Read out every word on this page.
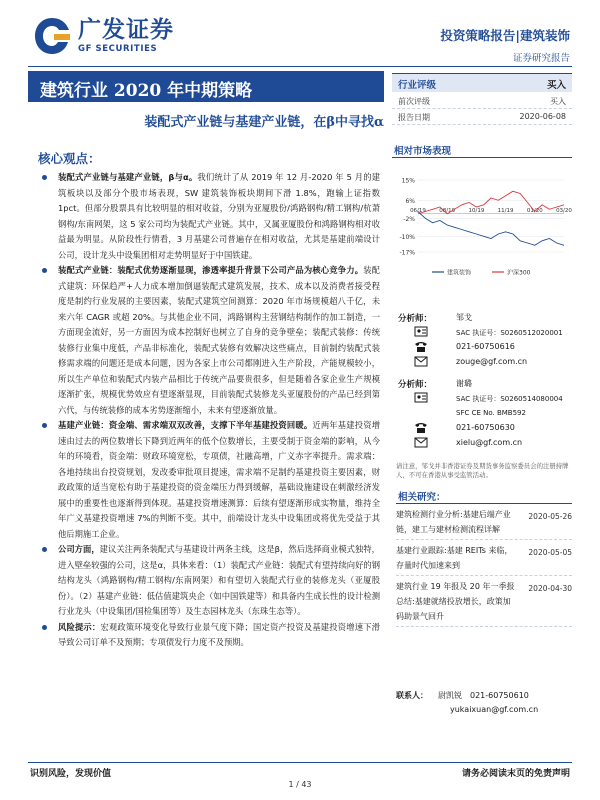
广发证券
GF SECURITIES
投资策略报告|建筑装饰
证券研究报告
建筑行业 2020 年中期策略
装配式产业链与基建产业链，在β中寻找α
核心观点：
装配式产业链与基建产业链，β与α。我们统计了从 2019 年 12 月-2020 年 5 月的建筑板块以及部分个股市场表现，SW 建筑装饰板块期间下滑 1.8%，跑输上证指数 1pct。但部分股票具有比较明显的相对收益，分别为亚厦股份/鸿路钢构/精工钢构/杭萧钢构/东南网架，这 5 家公司均为装配式产业链。其中，又属亚厦股份和鸿路钢构相对收益最为明显。从阶段性行情看，3 月基建公司普遍存在相对收益，尤其是基建前端设计公司，设计龙头中设集团相对走势明显好于中国铁建。
装配式产业链：装配式优势逐渐显现，渗透率提升背景下公司产品为核心竞争力。装配式建筑：环保趋严+人力成本增加倒逼装配式建筑发展，技术、成本以及消费者接受程度是制约行业发展的主要因素，装配式建筑空间测算：2020 年市场规模超八千亿，未来六年 CAGR 或超 20%。与其他企业不同，鸿路钢构主营钢结构制作的加工制造，一方面现金流好，另一方面因为成本控制好也树立了自身的竞争壁垒；装配式装修：传统装修行业集中度低，产品非标准化，装配式装修有效解决这些痛点，目前制约装配式装修需求端的问题还是成本问题，因为各家上市公司都刚进入生产阶段，产能规模较小，所以生产单位和装配式内装产品相比于传统产品要贵很多，但是随着各家企业生产规模逐渐扩张，规模优势效应有望逐渐显现，目前装配式装修龙头亚厦股份的产品已经到第六代，与传统装修的成本劣势逐渐缩小，未来有望逐渐放量。
基建产业链：资金端、需求端双双改善，支撑下半年基建投资回暖。近两年基建投资增速由过去的两位数增长下降到近两年的低个位数增长，主要受制于资金端的影响，从今年的环境看，资金端：财政环境宽松，专项债，社融高增，广义赤字率提升。需求端：各地持续出台投资规划，发改委审批项目提速，需求端不足制约基建投资主要因素，财政政策的适当宽松有助于基建投资的资金端压力得到缓解，基础设施建设在刺激经济发展中的重要性也逐渐得到体现。基建投资增速测算：后续有望逐渐形成实物量，维持全年广义基建投资增速 7%的判断不变。其中，前端设计龙头中设集团或将优先受益于其他后期施工企业。
公司方面，建议关注两条装配式与基建设计两条主线，这是β，然后选择商业模式独特，进入壁垒较强的公司，这是α，具体来看：（1）装配式产业链：装配式有望持续向好的钢结构龙头（鸿路钢构/精工钢构/东南网架）和有望切入装配式行业的装修龙头（亚厦股份）。（2）基建产业链：低估值建筑央企（如中国铁建等）和具备内生成长性的设计检测行业龙头（中设集团/国检集团等）及生态园林龙头（东珠生态等）。
风险提示：宏观政策环境变化导致行业景气度下降；国定资产投资及基建投资增速下滑导致公司订单不及预期；专项债发行力度不及预期。
行业评级	买入
前次评级	买入
报告日期	2020-06-08
相对市场表现
15%
6%
-2%
-10%
-17%
06/19 08/19 10/19 11/19 01/20 03/20
建筑装饰	沪深300
分析师：	邹戈
SAC 执证号：S0260512020001
021-60750616
zouge@gf.com.cn
分析师：	谢璐
SAC 执证号：S0260514080004
SFC CE No. BMB592
021-60750630
xielu@gf.com.cn
请注意，邹戈并非香港证券及期货事务监察委员会的注册持牌人，不可在香港从事受监管活动。
相关研究：
建筑检测行业分析:基建后端产业链，建工与建材检测流程详解
2020-05-26
基建行业跟踪:基建 REITs 来临，存量时代加速来到
2020-05-05
建筑行业 19 年报及 20 年一季报总结:基建就绪投放增长，政策加码助景气回升
2020-04-30
联系人： 尉凯锐 021-60750610
yukaixuan@gf.com.cn
识别风险，发现价值	请务必阅读末页的免责声明
1 / 43
